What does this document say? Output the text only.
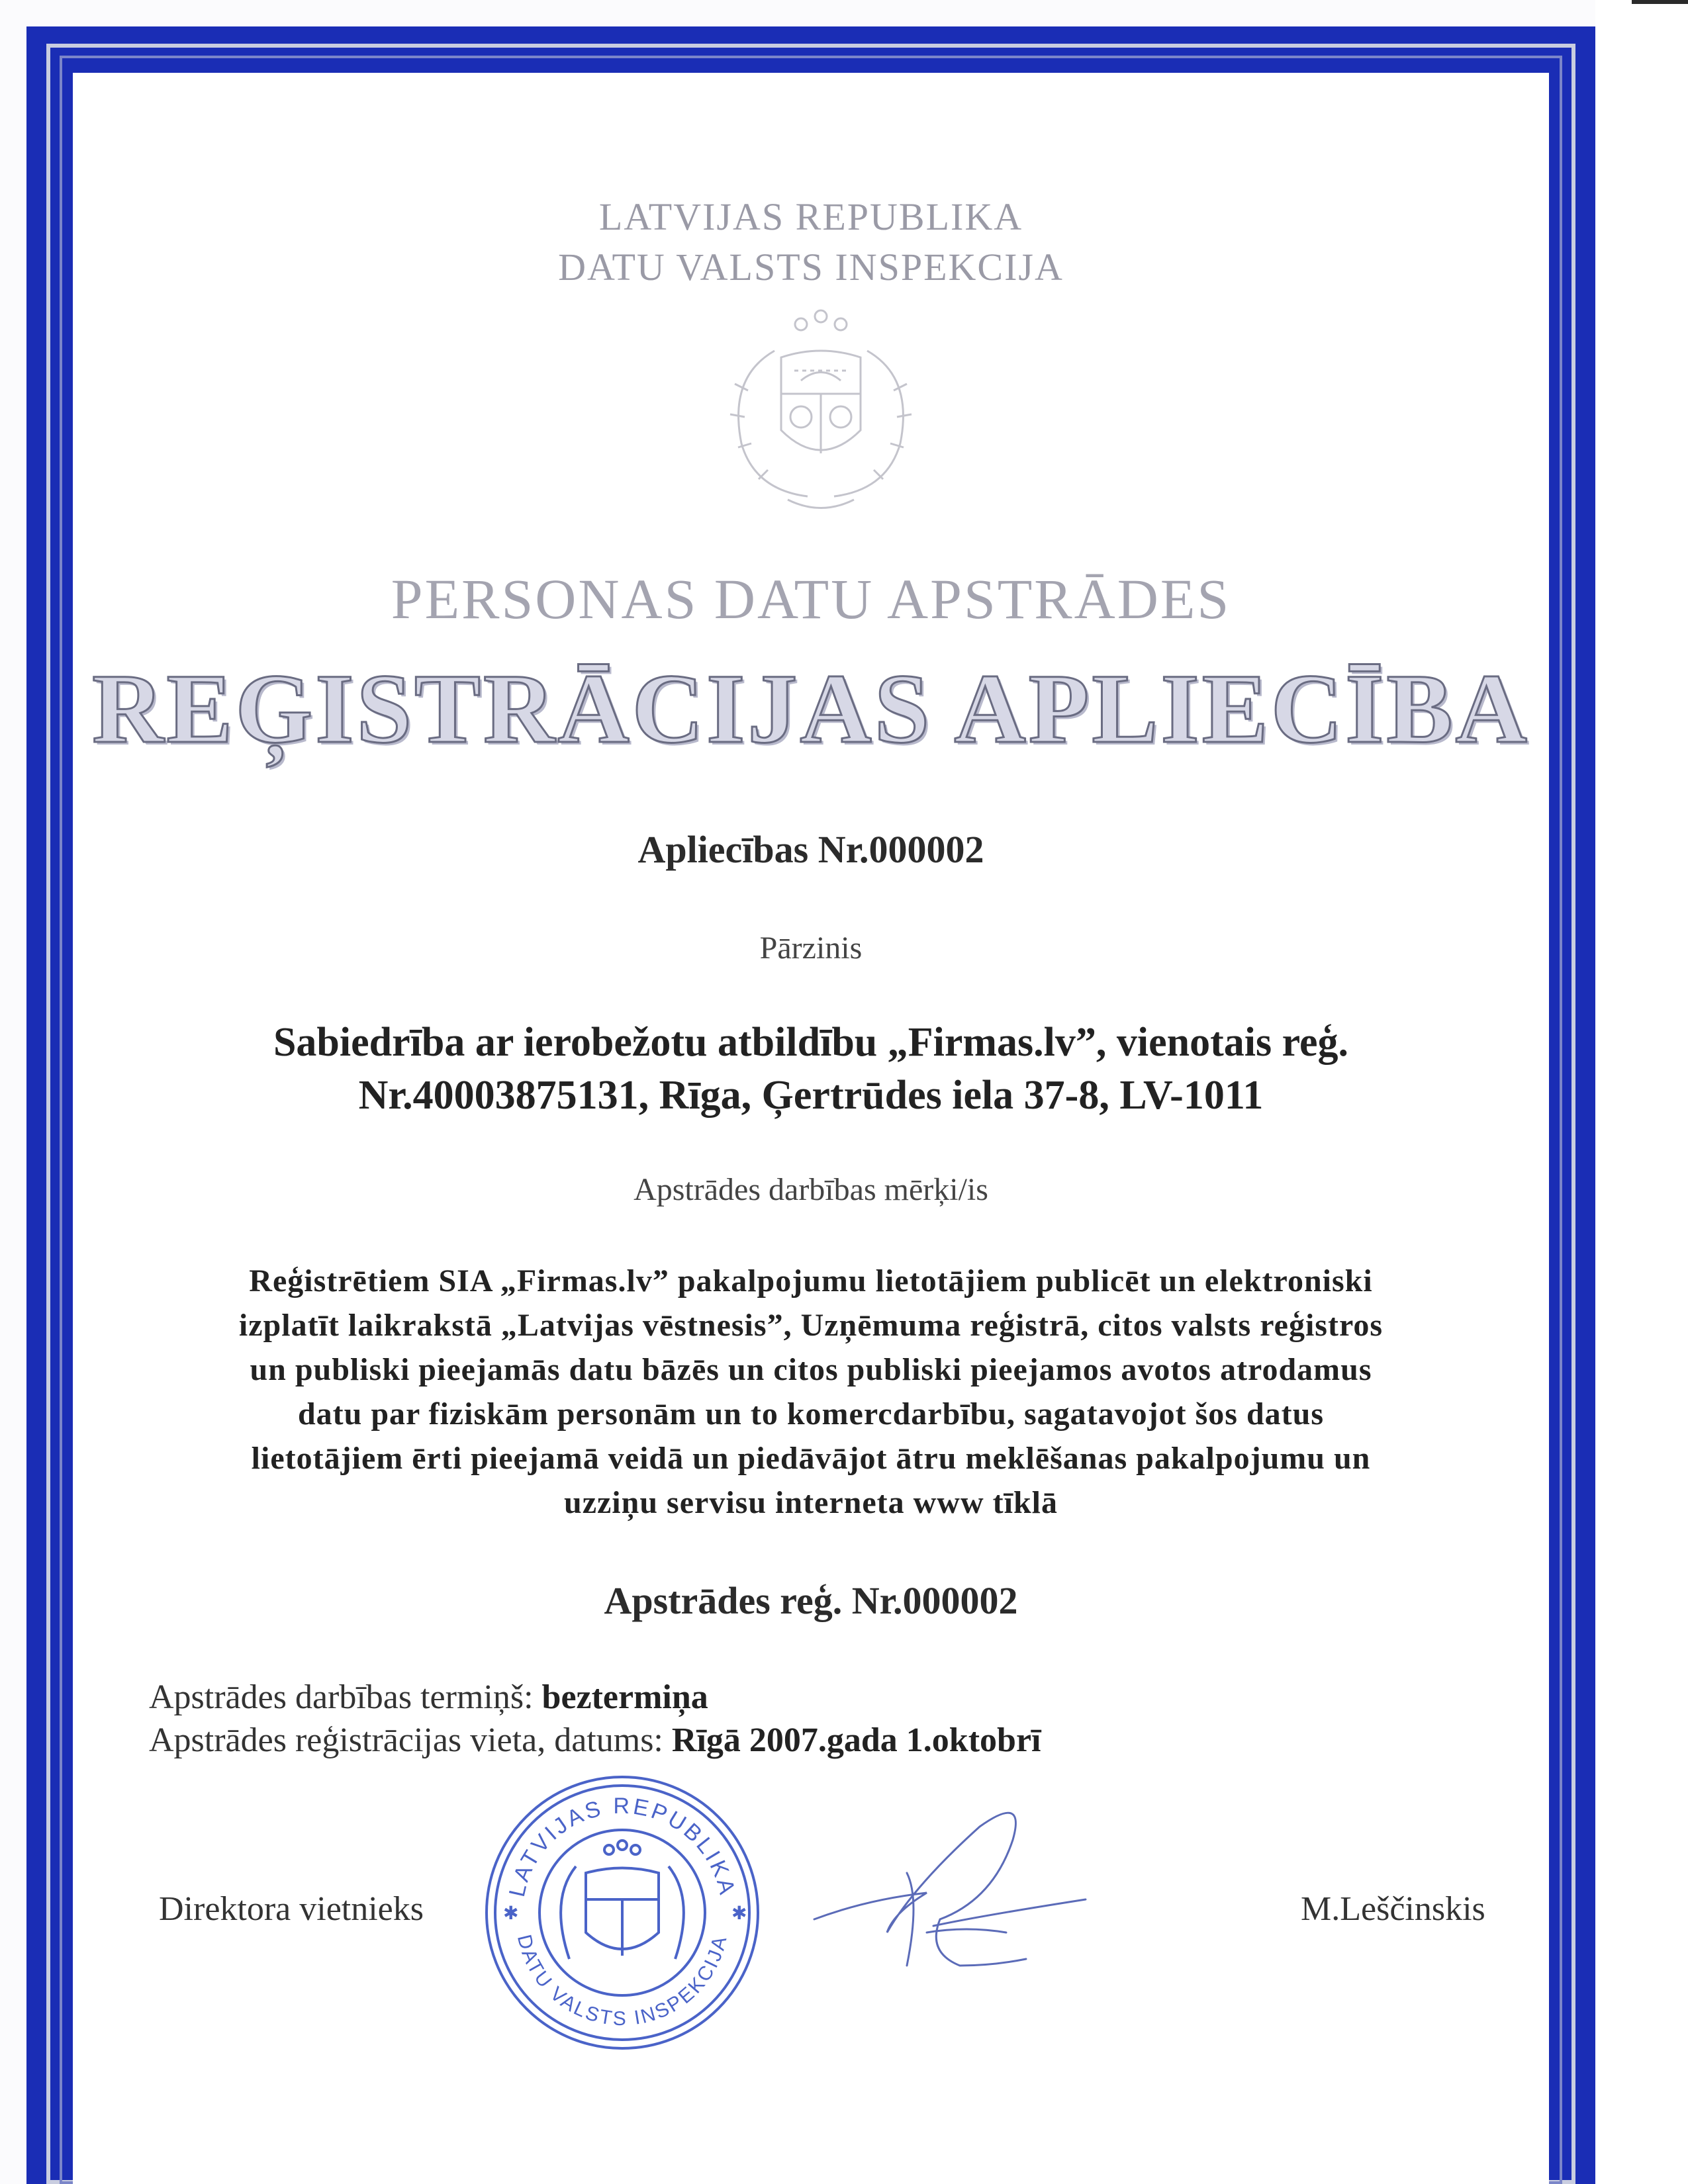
LATVIJAS REPUBLIKA
DATU VALSTS INSPEKCIJA
PERSONAS DATU APSTRĀDES
REĢISTRĀCIJAS APLIECĪBA
Apliecības Nr.000002
Pārzinis
Sabiedrība ar ierobežotu atbildību „Firmas.lv”, vienotais reģ.
Nr.40003875131, Rīga, Ģertrūdes iela 37-8, LV-1011
Apstrādes darbības mērķi/is
Reģistrētiem SIA „Firmas.lv” pakalpojumu lietotājiem publicēt un elektroniski
izplatīt laikrakstā „Latvijas vēstnesis”, Uzņēmuma reģistrā, citos valsts reģistros
un publiski pieejamās datu bāzēs un citos publiski pieejamos avotos atrodamus
datu par fiziskām personām un to komercdarbību, sagatavojot šos datus
lietotājiem ērti pieejamā veidā un piedāvājot ātru meklēšanas pakalpojumu un
uzziņu servisu interneta www tīklā
Apstrādes reģ. Nr.000002
Apstrādes darbības termiņš: beztermiņa
Apstrādes reģistrācijas vieta, datums: Rīgā 2007.gada 1.oktobrī
Direktora vietnieks	M.Leščinskis
LATVIJAS REPUBLIKA
DATU VALSTS INSPEKCIJA
✱	✱
